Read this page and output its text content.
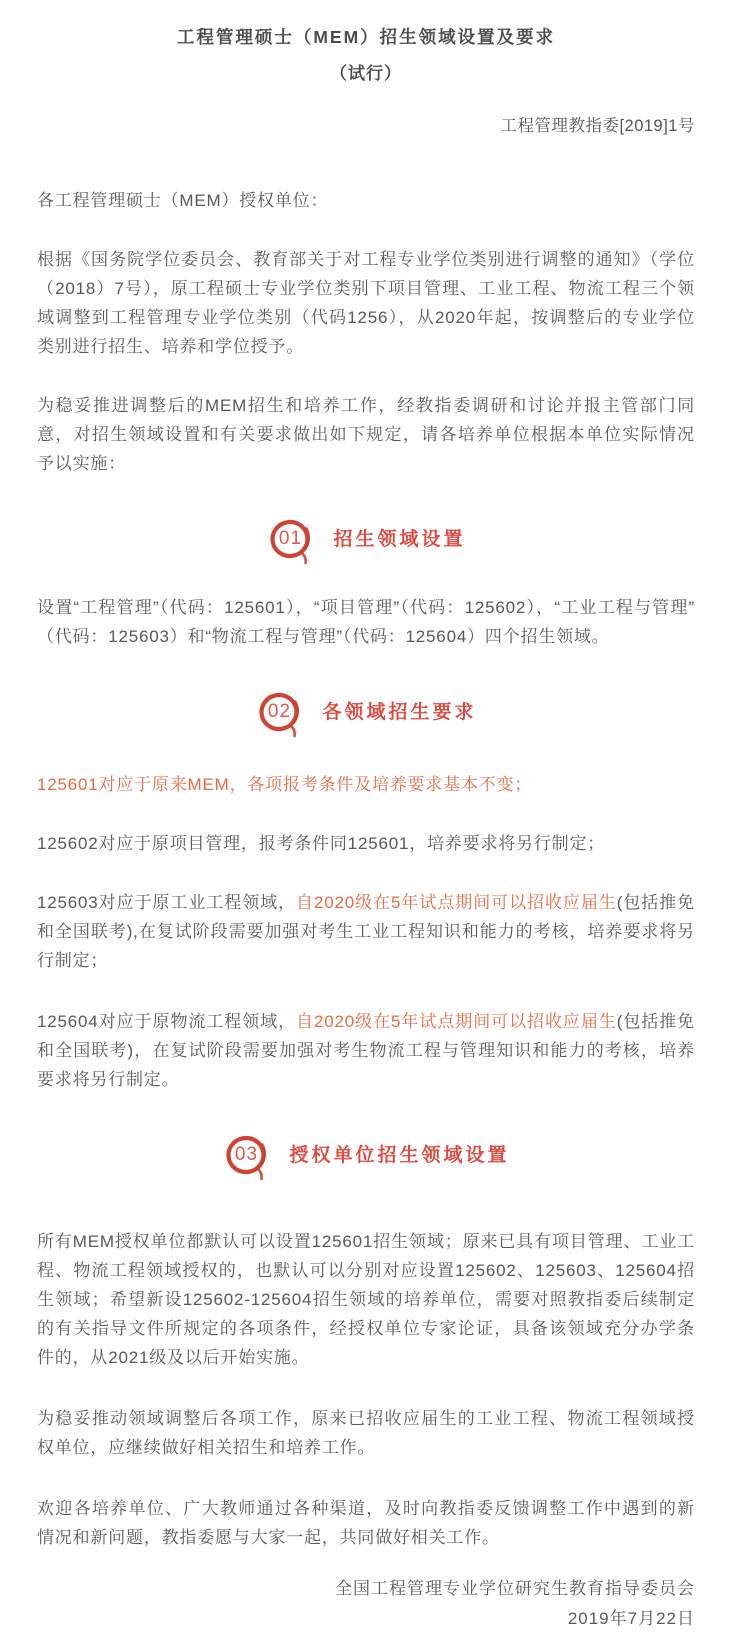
工程管理硕士（MEM）招生领域设置及要求
（试行）
工程管理教指委[2019]1号

各工程管理硕士（MEM）授权单位：

根据《国务院学位委员会、教育部关于对工程专业学位类别进行调整的通知》（学位（2018）7号），原工程硕士专业学位类别下项目管理、工业工程、物流工程三个领域调整到工程管理专业学位类别（代码1256），从2020年起，按调整后的专业学位类别进行招生、培养和学位授予。

为稳妥推进调整后的MEM招生和培养工作，经教指委调研和讨论并报主管部门同意，对招生领域设置和有关要求做出如下规定，请各培养单位根据本单位实际情况予以实施：

01	招生领域设置

设置“工程管理”（代码：125601），“项目管理”（代码：125602），“工业工程与管理”（代码：125603）和“物流工程与管理”（代码：125604）四个招生领域。

02	各领域招生要求

125601对应于原来MEM，各项报考条件及培养要求基本不变；

125602对应于原项目管理，报考条件同125601，培养要求将另行制定；

125603对应于原工业工程领域，自2020级在5年试点期间可以招收应届生(包括推免和全国联考),在复试阶段需要加强对考生工业工程知识和能力的考核，培养要求将另行制定；

125604对应于原物流工程领域，自2020级在5年试点期间可以招收应届生(包括推免和全国联考)，在复试阶段需要加强对考生物流工程与管理知识和能力的考核，培养要求将另行制定。

03	授权单位招生领域设置

所有MEM授权单位都默认可以设置125601招生领域；原来已具有项目管理、工业工程、物流工程领域授权的，也默认可以分别对应设置125602、125603、125604招生领域；希望新设125602-125604招生领域的培养单位，需要对照教指委后续制定的有关指导文件所规定的各项条件，经授权单位专家论证，具备该领域充分办学条件的，从2021级及以后开始实施。

为稳妥推动领域调整后各项工作，原来已招收应届生的工业工程、物流工程领域授权单位，应继续做好相关招生和培养工作。

欢迎各培养单位、广大教师通过各种渠道，及时向教指委反馈调整工作中遇到的新情况和新问题，教指委愿与大家一起，共同做好相关工作。

全国工程管理专业学位研究生教育指导委员会
2019年7月22日
